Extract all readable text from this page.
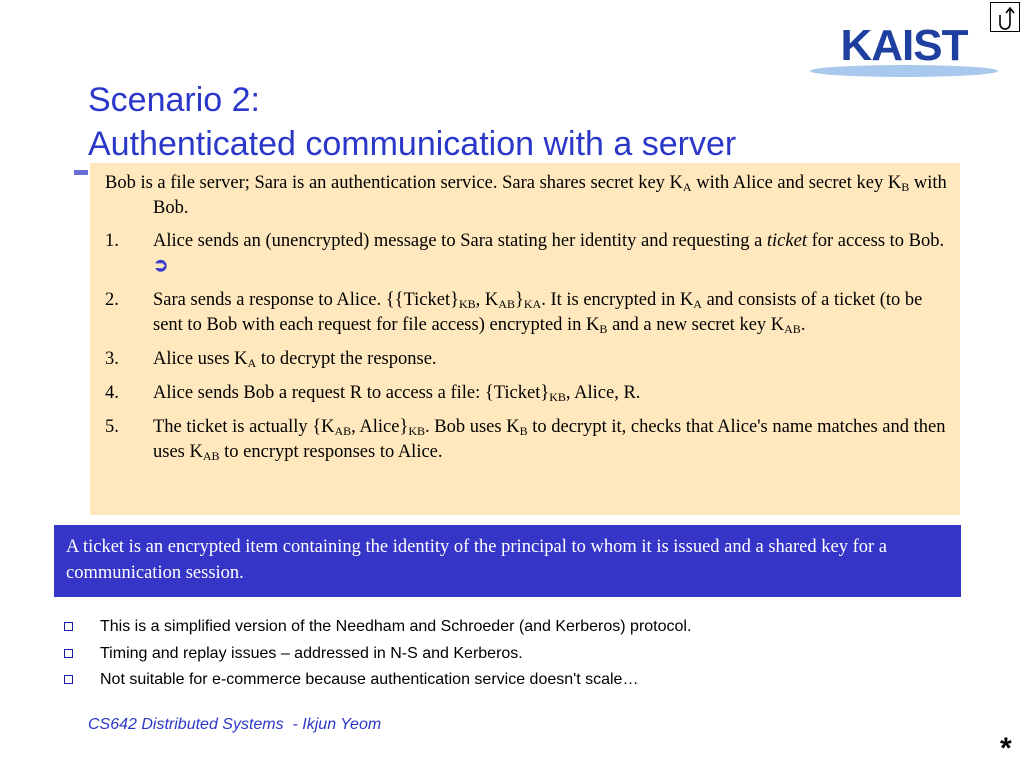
KAIST
Scenario 2:
Authenticated communication with a server
Bob is a file server; Sara is an authentication service. Sara shares secret key $K_A$ with Alice and secret key $K_B$ with Bob.
1. Alice sends an (unencrypted) message to Sara stating her identity and requesting a ticket for access to Bob. ➲
2. Sara sends a response to Alice. {$\{Ticket\}_{KB}$, $K_{AB}\}_{KA}$. It is encrypted in $K_A$ and consists of a ticket (to be sent to Bob with each request for file access) encrypted in $K_B$ and a new secret key $K_{AB}$.
3. Alice uses $K_A$ to decrypt the response.
4. Alice sends Bob a request R to access a file: $\{Ticket\}_{KB}$, Alice, R.
5. The ticket is actually {$K_{AB}$, $Alice\}_{KB}$. Bob uses $K_B$ to decrypt it, checks that Alice's name matches and then uses $K_{AB}$ to encrypt responses to Alice.
A ticket is an encrypted item containing the identity of the principal to whom it is issued and a shared key for a communication session.
This is a simplified version of the Needham and Schroeder (and Kerberos) protocol.
Timing and replay issues – addressed in N-S and Kerberos.
Not suitable for e-commerce because authentication service doesn't scale…
CS642 Distributed Systems  - Ikjun Yeom
*
